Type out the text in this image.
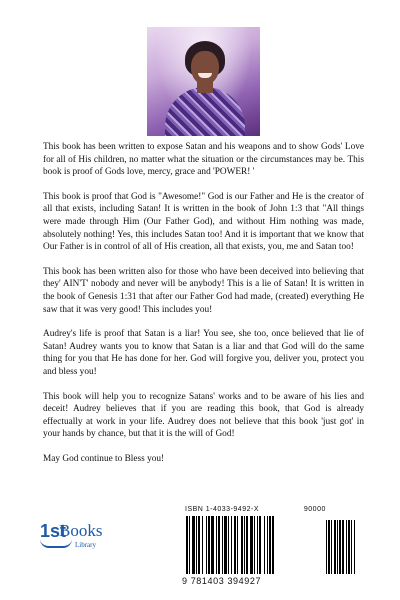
This book has been written to expose Satan and his weapons and to show Gods' Love for all of His children, no matter what the situation or the circumstances may be. This book is proof of Gods love, mercy, grace and 'POWER! '

This book is proof that God is "Awesome!" God is our Father and He is the creator of all that exists, including Satan! It is written in the book of John 1:3 that "All things were made through Him (Our Father God), and without Him nothing was made, absolutely nothing! Yes, this includes Satan too! And it is important that we know that Our Father is in control of all of His creation, all that exists, you, me and Satan too!

This book has been written also for those who have been deceived into believing that they' AIN'T' nobody and never will be anybody! This is a lie of Satan! It is written in the book of Genesis 1:31 that after our Father God had made, (created) everything He saw that it was very good! This includes you!

Audrey's life is proof that Satan is a liar! You see, she too, once believed that lie of Satan! Audrey wants you to know that Satan is a liar and that God will do the same thing for you that He has done for her. God will forgive you, deliver you, protect you and bless you!

This book will help you to recognize Satans' works and to be aware of his lies and deceit! Audrey believes that if you are reading this book, that God is already effectually at work in your life. Audrey does not believe that this book 'just got' in your hands by chance, but that it is the will of God!

May God continue to Bless you!

1st
Books
Library
ISBN 1-4033-9492-X	90000
9 781403 394927
